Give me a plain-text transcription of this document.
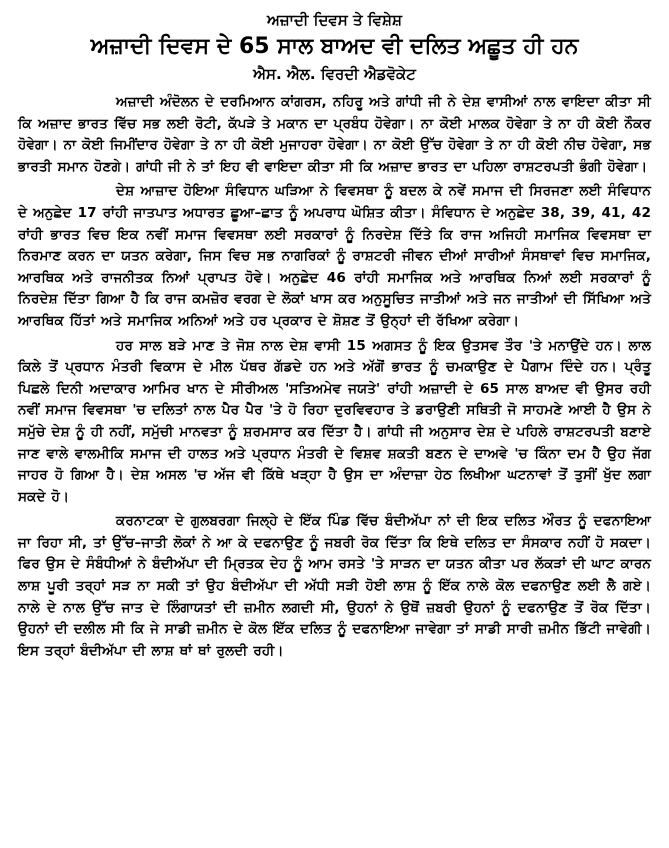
ਅਜ਼ਾਦੀ ਦਿਵਸ ਤੇ ਵਿਸ਼ੇਸ਼
ਅਜ਼ਾਦੀ ਦਿਵਸ ਦੇ 65 ਸਾਲ ਬਾਅਦ ਵੀ ਦਲਿਤ ਅਛੂਤ ਹੀ ਹਨ
ਐਸ. ਐਲ. ਵਿਰਦੀ ਐਡਵੋਕੇਟ

ਅਜ਼ਾਦੀ ਅੰਦੋਲਨ ਦੇ ਦਰਮਿਆਨ ਕਾਂਗਰਸ, ਨਹਿਰੂ ਅਤੇ ਗਾਂਧੀ ਜੀ ਨੇ ਦੇਸ਼ ਵਾਸੀਆਂ ਨਾਲ ਵਾਇਦਾ ਕੀਤਾ ਸੀ ਕਿ ਅਜ਼ਾਦ ਭਾਰਤ ਵਿੱਚ ਸਭ ਲਈ ਰੋਟੀ, ਕੱਪੜੇ ਤੇ ਮਕਾਨ ਦਾ ਪ੍ਰਬੰਧ ਹੋਵੇਗਾ। ਨਾ ਕੋਈ ਮਾਲਕ ਹੋਵੇਗਾ ਤੇ ਨਾ ਹੀ ਕੋਈ ਨੌਕਰ ਹੋਵੇਗਾ। ਨਾ ਕੋਈ ਜਿਮੀਂਦਾਰ ਹੋਵੇਗਾ ਤੇ ਨਾ ਹੀ ਕੋਈ ਮੁਜਾਹਰਾ ਹੋਵੇਗਾ। ਨਾ ਕੋਈ ਉੱਚ ਹੋਵੇਗਾ ਤੇ ਨਾ ਹੀ ਕੋਈ ਨੀਚ ਹੋਵੇਗਾ, ਸਭ ਭਾਰਤੀ ਸਮਾਨ ਹੋਣਗੇ। ਗਾਂਧੀ ਜੀ ਨੇ ਤਾਂ ਇਹ ਵੀ ਵਾਇਦਾ ਕੀਤਾ ਸੀ ਕਿ ਅਜ਼ਾਦ ਭਾਰਤ ਦਾ ਪਹਿਲਾ ਰਾਸ਼ਟਰਪਤੀ ਭੰਗੀ ਹੋਵੇਗਾ।

ਦੇਸ਼ ਆਜ਼ਾਦ ਹੋਇਆ ਸੰਵਿਧਾਨ ਘੜਿਆ ਨੇ ਵਿਵਸਥਾ ਨੂੰ ਬਦਲ ਕੇ ਨਵੇਂ ਸਮਾਜ ਦੀ ਸਿਰਜਣਾ ਲਈ ਸੰਵਿਧਾਨ ਦੇ ਅਨੁਛੇਦ 17 ਰਾਂਹੀ ਜਾਤਪਾਤ ਅਧਾਰਤ ਛੂਆ–ਛਾਤ ਨੂੰ ਅਪਰਾਧ ਘੋਸ਼ਿਤ ਕੀਤਾ। ਸੰਵਿਧਾਨ ਦੇ ਅਨੁਛੇਦ 38, 39, 41, 42 ਰਾਂਹੀ ਭਾਰਤ ਵਿਚ ਇਕ ਨਵੀਂ ਸਮਾਜ ਵਿਵਸਥਾ ਲਈ ਸਰਕਾਰਾਂ ਨੂੰ ਨਿਰਦੇਸ਼ ਦਿੱਤੇ ਕਿ ਰਾਜ ਅਜਿਹੀ ਸਮਾਜਿਕ ਵਿਵਸਥਾ ਦਾ ਨਿਰਮਾਣ ਕਰਨ ਦਾ ਯਤਨ ਕਰੇਗਾ, ਜਿਸ ਵਿਚ ਸਭ ਨਾਗਰਿਕਾਂ ਨੂੰ ਰਾਸ਼ਟਰੀ ਜੀਵਨ ਦੀਆਂ ਸਾਰੀਆਂ ਸੰਸਥਾਵਾਂ ਵਿਚ ਸਮਾਜਿਕ, ਆਰਥਿਕ ਅਤੇ ਰਾਜਨੀਤਕ ਨਿਆਂ ਪ੍ਰਾਪਤ ਹੋਵੇ। ਅਨੁਛੇਦ 46 ਰਾਂਹੀ ਸਮਾਜਿਕ ਅਤੇ ਆਰਥਿਕ ਨਿਆਂ ਲਈ ਸਰਕਾਰਾਂ ਨੂੰ ਨਿਰਦੇਸ਼ ਦਿੱਤਾ ਗਿਆ ਹੈ ਕਿ ਰਾਜ ਕਮਜ਼ੋਰ ਵਰਗ ਦੇ ਲੋਕਾਂ ਖਾਸ ਕਰ ਅਨੁਸੂਚਿਤ ਜਾਤੀਆਂ ਅਤੇ ਜਨ ਜਾਤੀਆਂ ਦੀ ਸਿੱਖਿਆ ਅਤੇ ਆਰਥਿਕ ਹਿੱਤਾਂ ਅਤੇ ਸਮਾਜਿਕ ਅਨਿਆਂ ਅਤੇ ਹਰ ਪ੍ਰਕਾਰ ਦੇ ਸ਼ੋਸ਼ਣ ਤੋਂ ਉਨ੍ਹਾਂ ਦੀ ਰੱਖਿਆ ਕਰੇਗਾ।

ਹਰ ਸਾਲ ਬੜੇ ਮਾਣ ਤੇ ਜੋਸ਼ ਨਾਲ ਦੇਸ਼ ਵਾਸੀ 15 ਅਗਸਤ ਨੂੰ ਇਕ ਉਤਸਵ ਤੌਰ 'ਤੇ ਮਨਾਉਂਦੇ ਹਨ। ਲਾਲ ਕਿਲੇ ਤੋਂ ਪ੍ਰਧਾਨ ਮੰਤਰੀ ਵਿਕਾਸ ਦੇ ਮੀਲ ਪੱਥਰ ਗੱਡਦੇ ਹਨ ਅਤੇ ਅੱਗੋਂ ਭਾਰਤ ਨੂੰ ਚਮਕਾਉਣ ਦੇ ਪੈਗਾਮ ਦਿੰਦੇ ਹਨ। ਪ੍ਰੰਤੂ ਪਿਛਲੇ ਦਿਨੀ ਅਦਾਕਾਰ ਆਮਿਰ ਖਾਨ ਦੇ ਸੀਰੀਅਲ 'ਸਤਿਅਮੇਵ ਜਯਤੇ' ਰਾਂਹੀ ਅਜ਼ਾਦੀ ਦੇ 65 ਸਾਲ ਬਾਅਦ ਵੀ ਉਸਰ ਰਹੀ ਨਵੀਂ ਸਮਾਜ ਵਿਵਸਥਾ 'ਚ ਦਲਿਤਾਂ ਨਾਲ ਪੈਰ ਪੈਰ 'ਤੇ ਹੋ ਰਿਹਾ ਦੁਰਵਿਵਹਾਰ ਤੇ ਡਰਾਉਣੀ ਸਥਿਤੀ ਜੋ ਸਾਹਮਣੇ ਆਈ ਹੈ ਉਸ ਨੇ ਸਮੁੱਚੇ ਦੇਸ਼ ਨੂੰ ਹੀ ਨਹੀਂ, ਸਮੁੱਚੀ ਮਾਨਵਤਾ ਨੂੰ ਸ਼ਰਮਸਾਰ ਕਰ ਦਿੱਤਾ ਹੈ। ਗਾਂਧੀ ਜੀ ਅਨੁਸਾਰ ਦੇਸ਼ ਦੇ ਪਹਿਲੇ ਰਾਸ਼ਟਰਪਤੀ ਬਣਾਏ ਜਾਣ ਵਾਲੇ ਵਾਲਮੀਕਿ ਸਮਾਜ ਦੀ ਹਾਲਤ ਅਤੇ ਪ੍ਰਧਾਨ ਮੰਤਰੀ ਦੇ ਵਿਸ਼ਵ ਸ਼ਕਤੀ ਬਣਨ ਦੇ ਦਾਅਵੇ 'ਚ ਕਿੰਨਾ ਦਮ ਹੈ ਉਹ ਜੱਗ ਜਾਹਰ ਹੋ ਗਿਆ ਹੈ। ਦੇਸ਼ ਅਸਲ 'ਚ ਅੱਜ ਵੀ ਕਿੱਥੇ ਖੜ੍ਹਾ ਹੈ ਉਸ ਦਾ ਅੰਦਾਜ਼ਾ ਹੇਠ ਲਿਖੀਆ ਘਟਨਾਵਾਂ ਤੋਂ ਤੁਸੀਂ ਖੁੱਦ ਲਗਾ ਸਕਦੇ ਹੋ।

ਕਰਨਾਟਕਾ ਦੇ ਗੁਲਬਰਗਾ ਜਿਲ੍ਹੇ ਦੇ ਇੱਕ ਪਿੰਡ ਵਿੱਚ ਬੰਦੀਅੱਪਾ ਨਾਂ ਦੀ ਇਕ ਦਲਿਤ ਔਰਤ ਨੂੰ ਦਫਨਾਇਆ ਜਾ ਰਿਹਾ ਸੀ, ਤਾਂ ਉੱਚ–ਜਾਤੀ ਲੋਕਾਂ ਨੇ ਆ ਕੇ ਦਫਨਾਉਣ ਨੂੰ ਜਬਰੀ ਰੋਕ ਦਿੱਤਾ ਕਿ ਇਥੇ ਦਲਿਤ ਦਾ ਸੰਸਕਾਰ ਨਹੀਂ ਹੋ ਸਕਦਾ। ਫਿਰ ਉਸ ਦੇ ਸੰਬੰਧੀਆਂ ਨੇ ਬੰਦੀਅੱਪਾ ਦੀ ਮ੍ਰਿਤਕ ਦੇਹ ਨੂੰ ਆਮ ਰਸਤੇ 'ਤੇ ਸਾੜਨ ਦਾ ਯਤਨ ਕੀਤਾ ਪਰ ਲੱਕੜਾਂ ਦੀ ਘਾਟ ਕਾਰਨ ਲਾਸ਼ ਪੂਰੀ ਤਰ੍ਹਾਂ ਸੜ ਨਾ ਸਕੀ ਤਾਂ ਉਹ ਬੰਦੀਅੱਪਾ ਦੀ ਅੱਧੀ ਸੜੀ ਹੋਈ ਲਾਸ਼ ਨੂੰ ਇੱਕ ਨਾਲੇ ਕੋਲ ਦਫਨਾਉਣ ਲਈ ਲੈ ਗਏ। ਨਾਲੇ ਦੇ ਨਾਲ ਉੱਚ ਜਾਤ ਦੇ ਲਿੰਗਾਯਤਾਂ ਦੀ ਜ਼ਮੀਨ ਲਗਦੀ ਸੀ, ਉਹਨਾਂ ਨੇ ਉਥੋਂ ਜ਼ਬਰੀ ਉਹਨਾਂ ਨੂੰ ਦਫਨਾਉਣ ਤੋਂ ਰੋਕ ਦਿੱਤਾ। ਉਹਨਾਂ ਦੀ ਦਲੀਲ ਸੀ ਕਿ ਜੇ ਸਾਡੀ ਜ਼ਮੀਨ ਦੇ ਕੋਲ ਇੱਕ ਦਲਿਤ ਨੂੰ ਦਫਨਾਇਆ ਜਾਵੇਗਾ ਤਾਂ ਸਾਡੀ ਸਾਰੀ ਜ਼ਮੀਨ ਭਿੱਟੀ ਜਾਵੇਗੀ। ਇਸ ਤਰ੍ਹਾਂ ਬੰਦੀਅੱਪਾ ਦੀ ਲਾਸ਼ ਥਾਂ ਥਾਂ ਰੁਲਦੀ ਰਹੀ।
